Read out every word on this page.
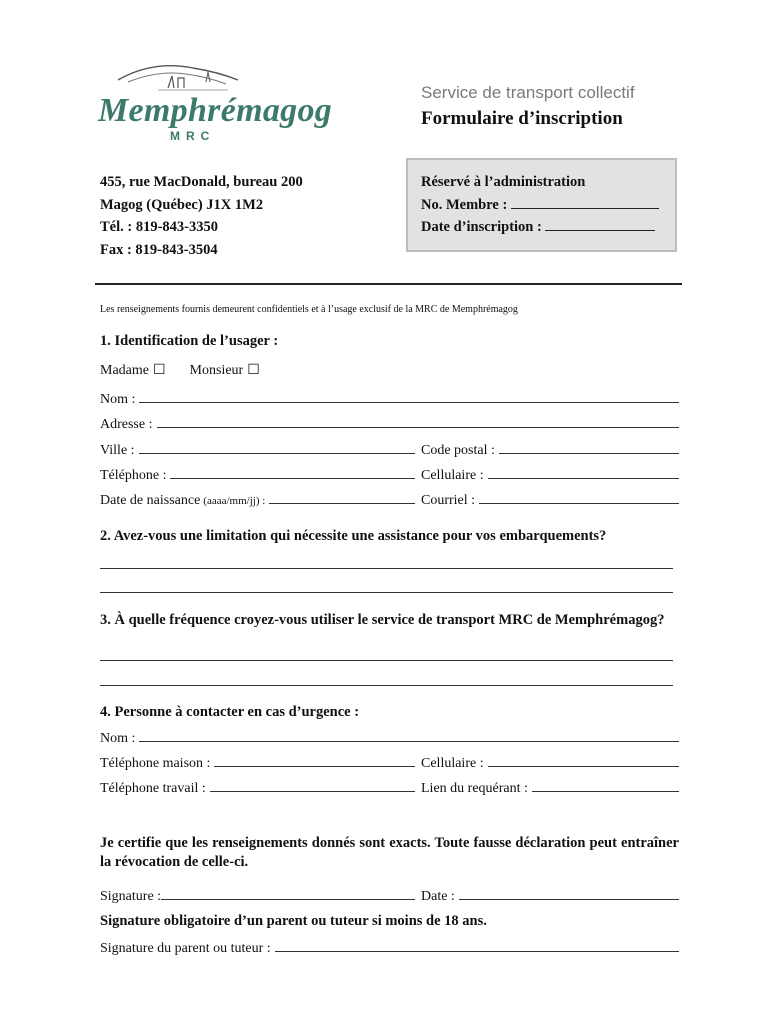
Memphrémagog
MRC
Service de transport collectif
Formulaire d’inscription
455, rue MacDonald, bureau 200
Magog (Québec) J1X 1M2
Tél. : 819-843-3350
Fax : 819-843-3504
Réservé à l’administration
No. Membre :
Date d’inscription :
Les renseignements fournis demeurent confidentiels et à l’usage exclusif de la MRC de Memphrémagog
1. Identification de l’usager :
Madame ☐ Monsieur ☐
Nom :
Adresse :
Ville :	Code postal :
Téléphone :	Cellulaire :
Date de naissance (aaaa/mm/jj) :	Courriel :
2. Avez-vous une limitation qui nécessite une assistance pour vos embarquements?
3. À quelle fréquence croyez-vous utiliser le service de transport MRC de Memphrémagog?
4. Personne à contacter en cas d’urgence :
Nom :
Téléphone maison :	Cellulaire :
Téléphone travail :	Lien du requérant :
Je certifie que les renseignements donnés sont exacts. Toute fausse déclaration peut entraîner la révocation de celle-ci.
Signature :	Date :
Signature obligatoire d’un parent ou tuteur si moins de 18 ans.
Signature du parent ou tuteur :
